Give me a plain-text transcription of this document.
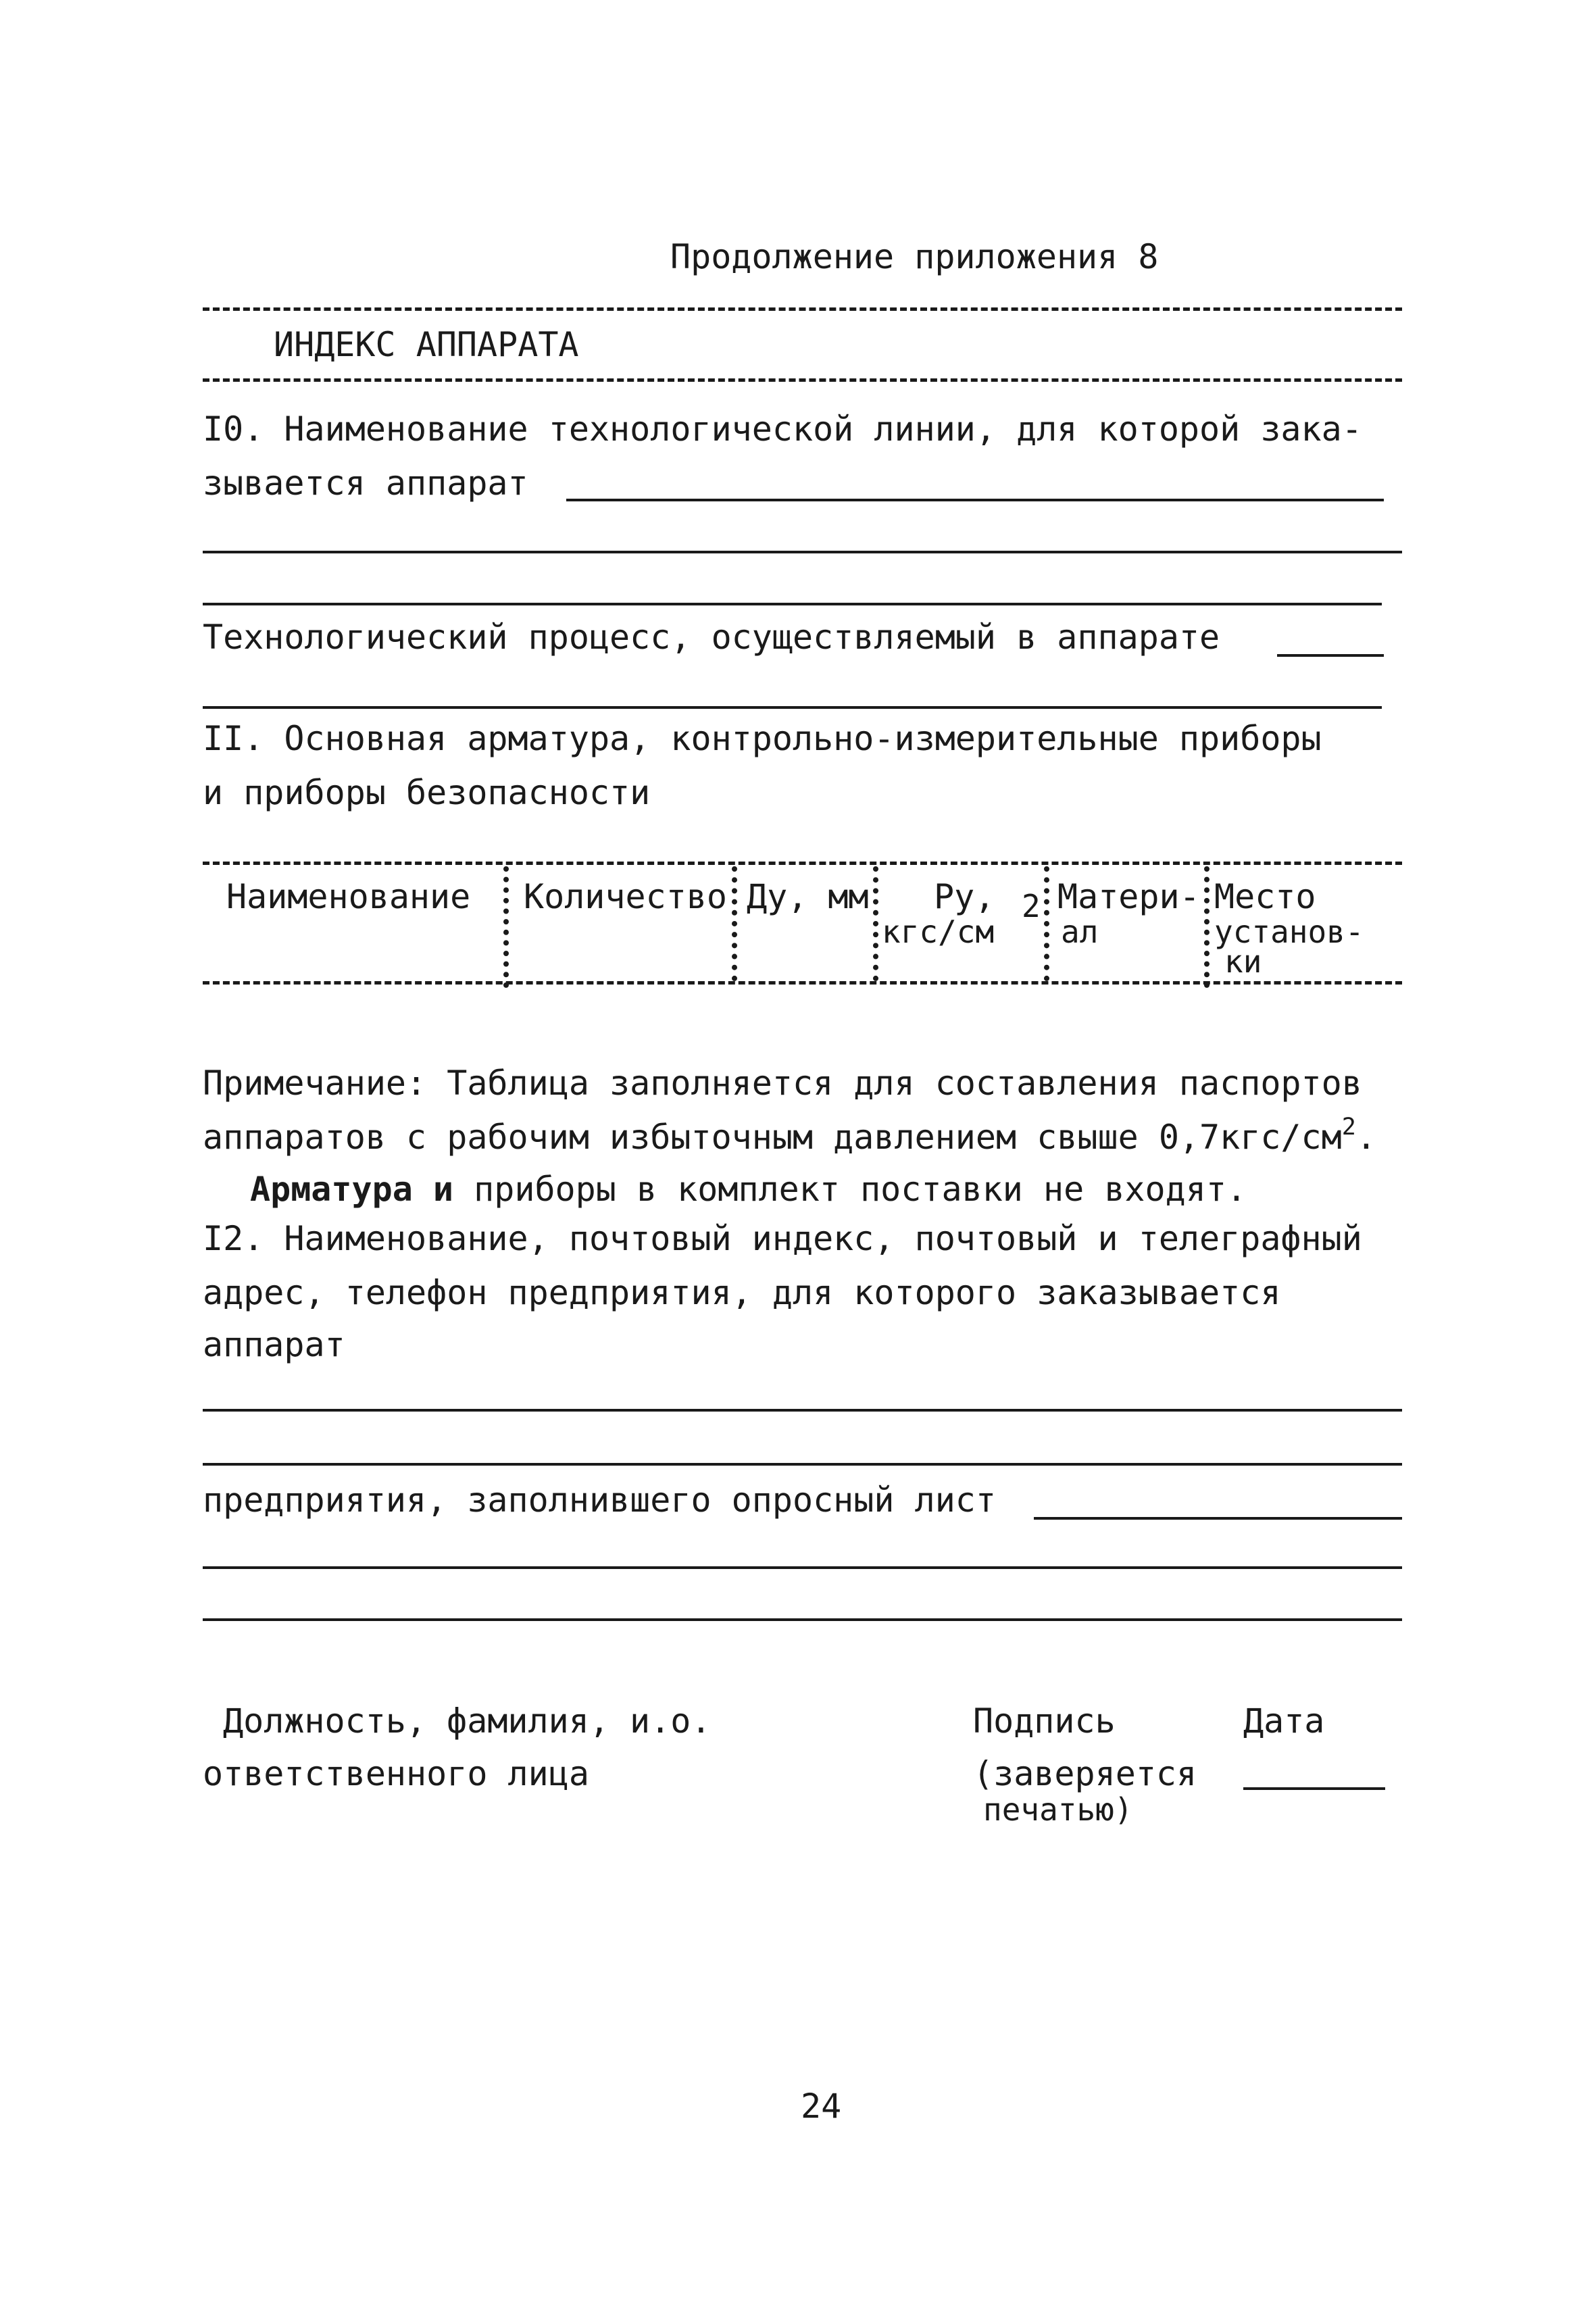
Продолжение приложения 8
ИНДЕКС АППАРАТА
I0. Наименование технологической линии, для которой зака-
зывается аппарат
Технологический процесс, осуществляемый в аппарате
II. Основная арматура, контрольно-измерительные приборы
и приборы безопасности
Наименование Количество Ду, мм Ру, 2
кгс/см
Матери-
ал
Место
установ-
ки
Примечание: Таблица заполняется для составления паспортов
аппаратов с рабочим избыточным давлением свыше $0,7кгс/см^2$.
Арматура и приборы в комплект поставки не входят.
I2. Наименование, почтовый индекс, почтовый и телеграфный
адрес, телефон предприятия, для которого заказывается
аппарат
предприятия, заполнившего опросный лист
Должность, фамилия, и.о.
ответственного лица
Подпись
(заверяется
печатью)
Дата
24
